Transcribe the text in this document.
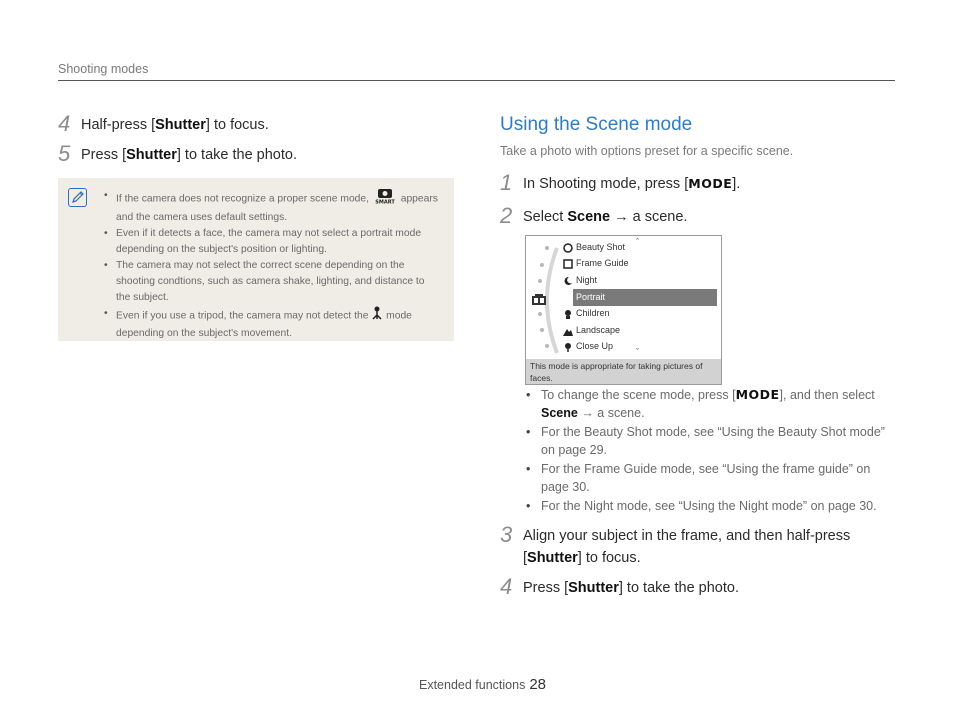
Shooting modes
4 Half-press [Shutter] to focus.
5 Press [Shutter] to take the photo.
• If the camera does not recognize a proper scene mode, SMART appears and the camera uses default settings.
• Even if it detects a face, the camera may not select a portrait mode depending on the subject's position or lighting.
• The camera may not select the correct scene depending on the shooting condtions, such as camera shake, lighting, and distance to the subject.
• Even if you use a tripod, the camera may not detect the  mode depending on the subject's movement.
Using the Scene mode
Take a photo with options preset for a specific scene.
1 In Shooting mode, press [MODE].
2 Select Scene → a scene.
ˆ
Beauty Shot
Frame Guide
Night
Portrait
Children
Landscape
Close Up
ˇ
This mode is appropriate for taking pictures of faces.
• To change the scene mode, press [MODE], and then select
Scene → a scene.
• For the Beauty Shot mode, see “Using the Beauty Shot mode” on page 29.
• For the Frame Guide mode, see “Using the frame guide” on page 30.
• For the Night mode, see “Using the Night mode” on page 30.
3 Align your subject in the frame, and then half-press
[Shutter] to focus.
4 Press [Shutter] to take the photo.
Extended functions 28
